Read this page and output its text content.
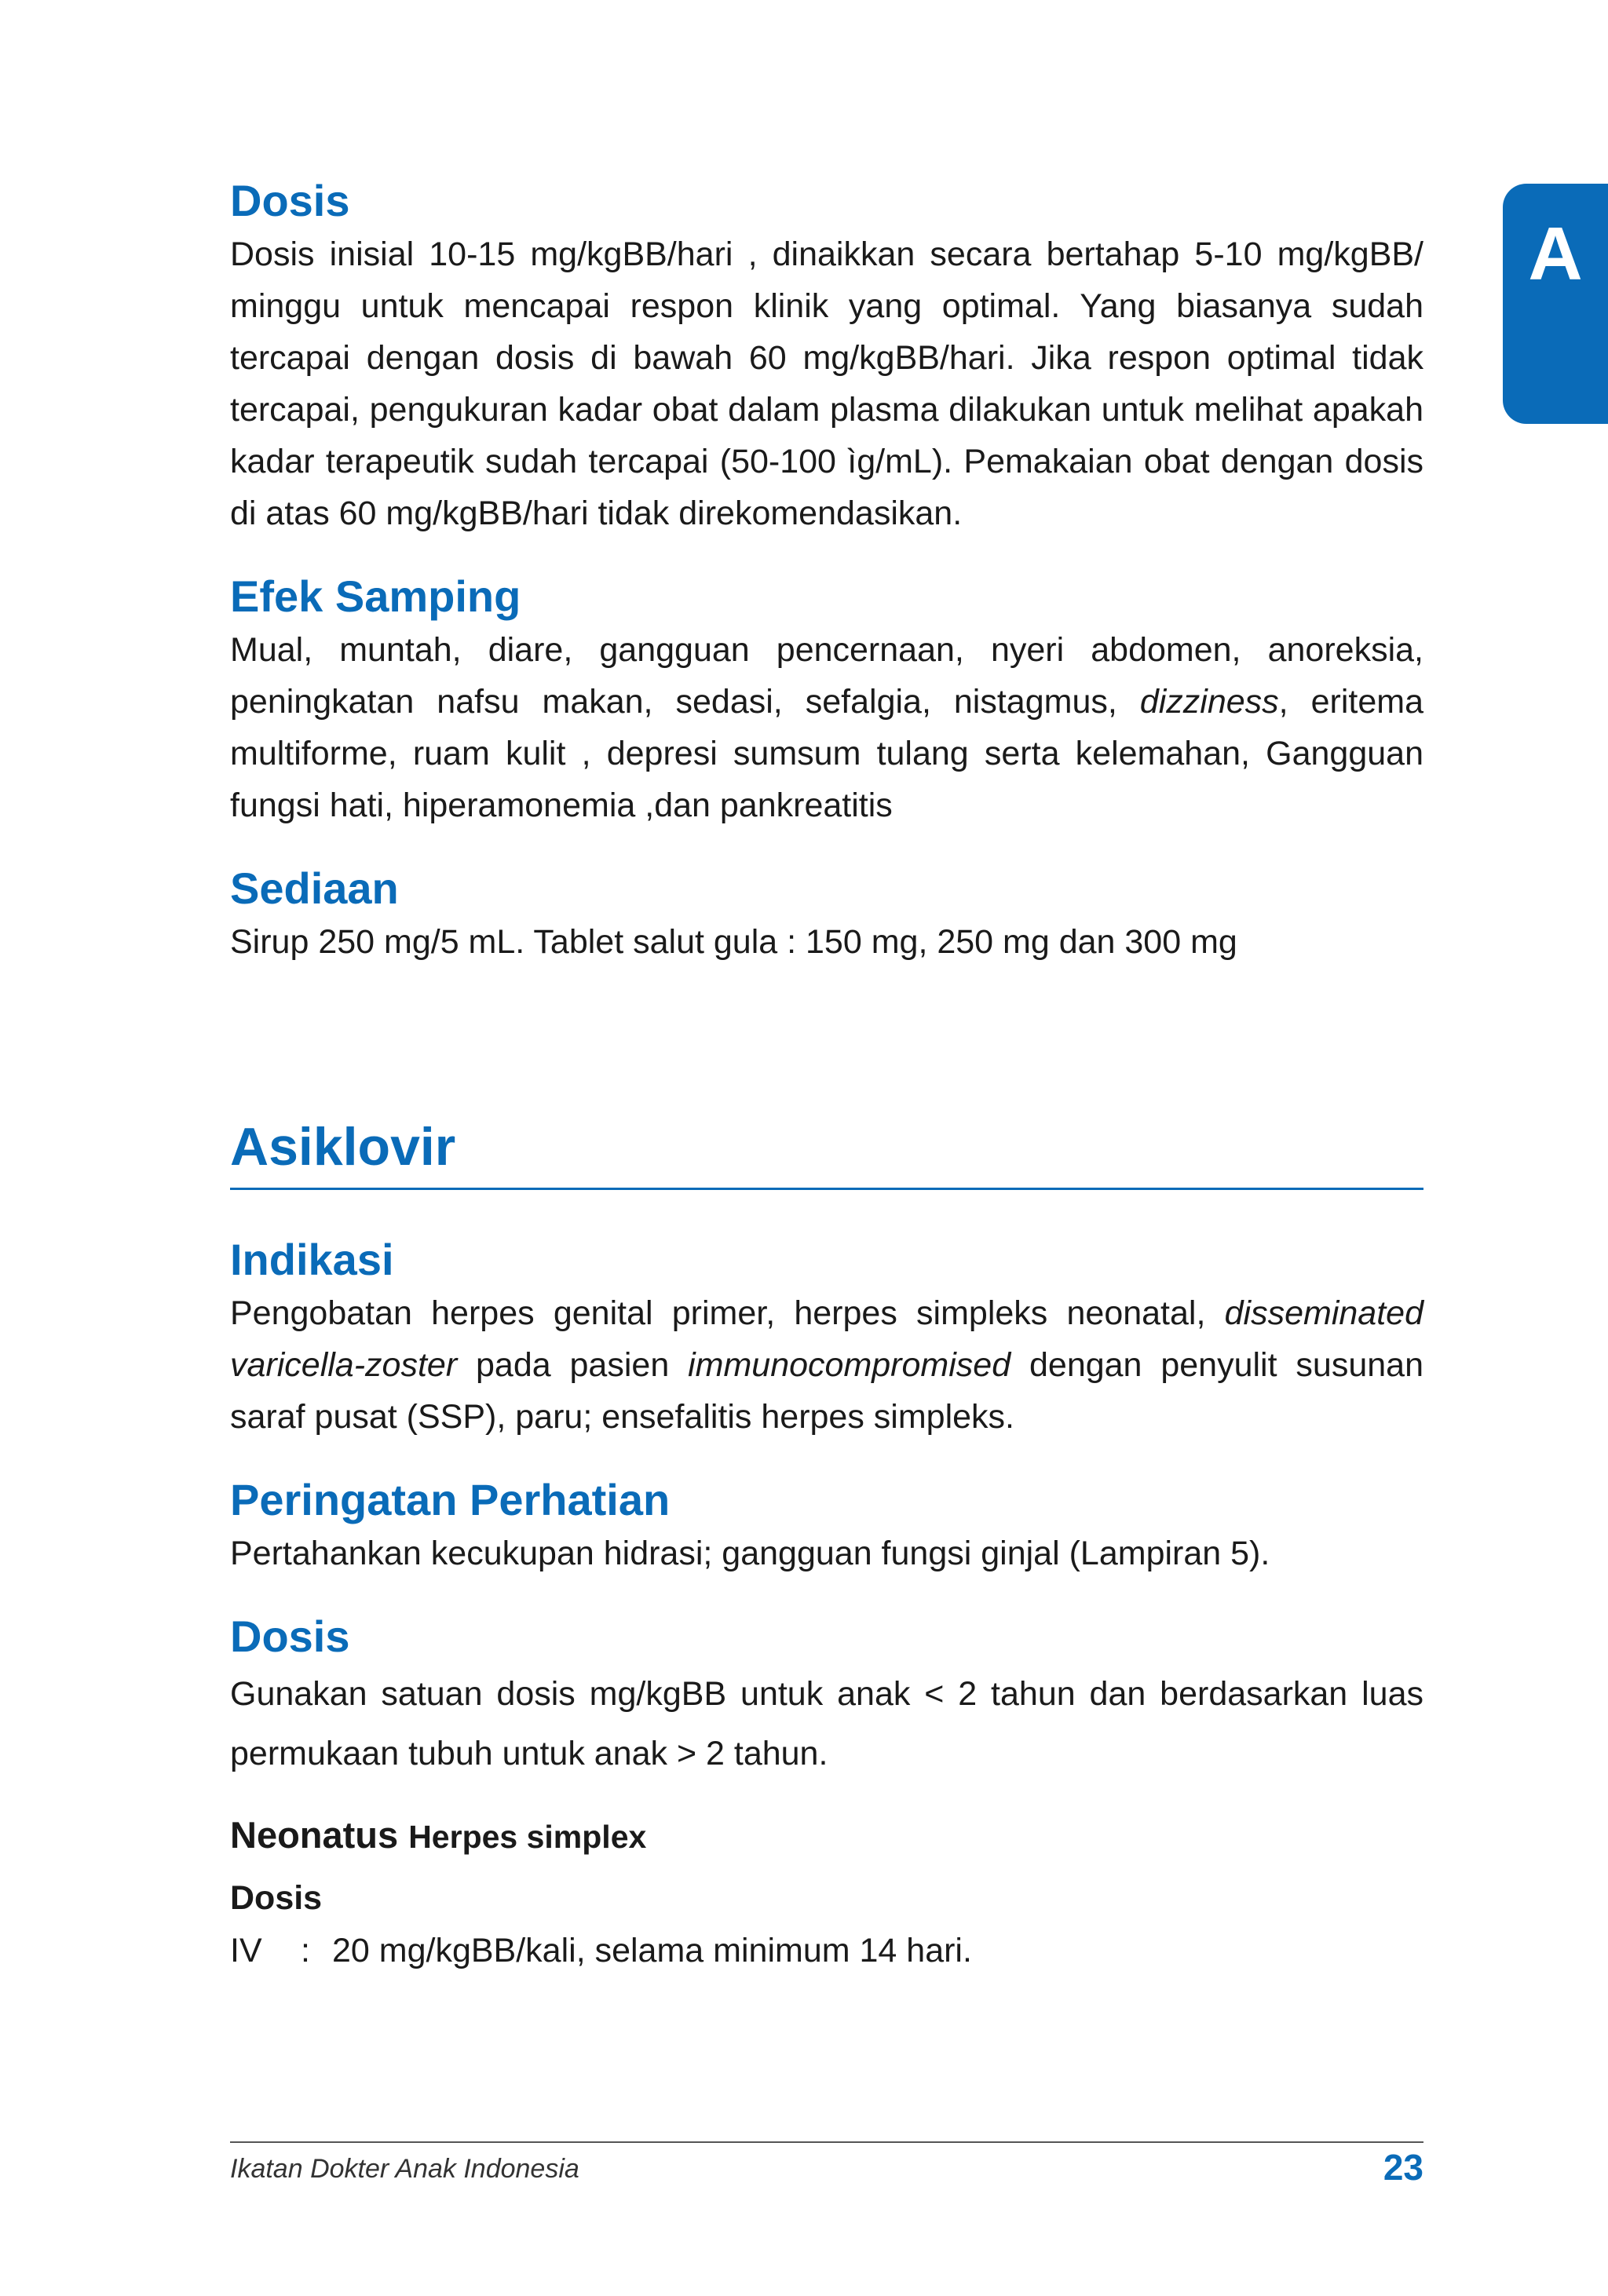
A
Dosis

Dosis inisial 10-15 mg/kgBB/hari , dinaikkan secara bertahap 5-10 mg/kgBB/ minggu untuk mencapai respon klinik yang optimal. Yang biasanya sudah tercapai dengan dosis di bawah 60 mg/kgBB/hari. Jika respon optimal tidak tercapai, pengukuran kadar obat dalam plasma dilakukan untuk melihat apakah kadar terapeutik sudah tercapai (50-100 ìg/mL). Pemakaian obat dengan dosis di atas 60 mg/kgBB/hari tidak direkomendasikan.

Efek Samping

Mual, muntah, diare, gangguan pencernaan, nyeri abdomen, anoreksia, peningkatan nafsu makan, sedasi, sefalgia, nistagmus, dizziness, eritema multiforme, ruam kulit , depresi sumsum tulang serta kelemahan, Gangguan fungsi hati, hiperamonemia ,dan pankreatitis

Sediaan

Sirup 250 mg/5 mL. Tablet salut gula : 150 mg, 250 mg dan 300 mg

Asiklovir
Indikasi

Pengobatan herpes genital primer, herpes simpleks neonatal, disseminated varicella-zoster pada pasien immunocompromised dengan penyulit susunan saraf pusat (SSP), paru; ensefalitis herpes simpleks.

Peringatan Perhatian

Pertahankan kecukupan hidrasi; gangguan fungsi ginjal (Lampiran 5).

Dosis

Gunakan satuan dosis mg/kgBB untuk anak < 2 tahun dan berdasarkan luas permukaan tubuh untuk anak > 2 tahun.

Neonatus Herpes simplex
Dosis
IV : 20 mg/kgBB/kali, selama minimum 14 hari.
Ikatan Dokter Anak Indonesia	23
